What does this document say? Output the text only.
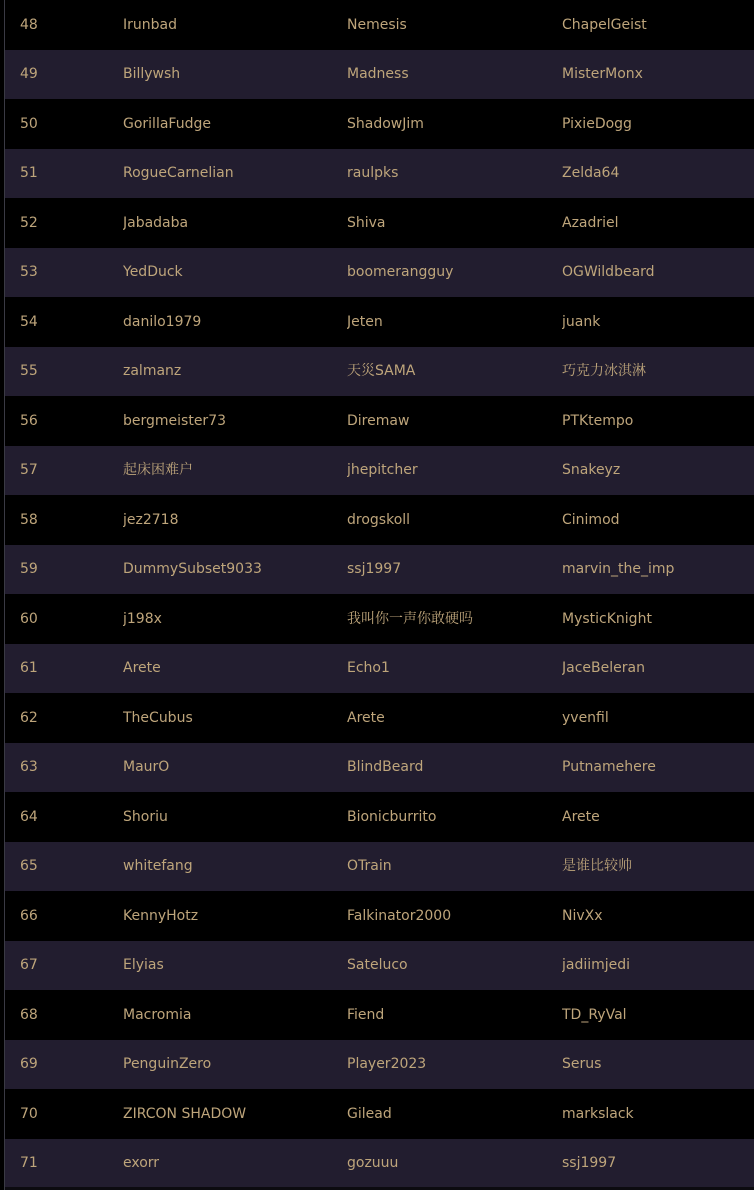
48	Irunbad	Nemesis	ChapelGeist
49	Billywsh	Madness	MisterMonx
50	GorillaFudge	ShadowJim	PixieDogg
51	RogueCarnelian	raulpks	Zelda64
52	Jabadaba	Shiva	Azadriel
53	YedDuck	boomerangguy	OGWildbeard
54	danilo1979	Jeten	juank
55	zalmanz	天災SAMA	巧克力冰淇淋
56	bergmeister73	Diremaw	PTKtempo
57	起床困难户	jhepitcher	Snakeyz
58	jez2718	drogskoll	Cinimod
59	DummySubset9033	ssj1997	marvin_the_imp
60	j198x	我叫你一声你敢硬吗	MysticKnight
61	Arete	Echo1	JaceBeleran
62	TheCubus	Arete	yvenfil
63	MaurO	BlindBeard	Putnamehere
64	Shoriu	Bionicburrito	Arete
65	whitefang	OTrain	是谁比较帅
66	KennyHotz	Falkinator2000	NivXx
67	Elyias	Sateluco	jadiimjedi
68	Macromia	Fiend	TD_RyVal
69	PenguinZero	Player2023	Serus
70	ZIRCON SHADOW	Gilead	markslack
71	exorr	gozuuu	ssj1997
